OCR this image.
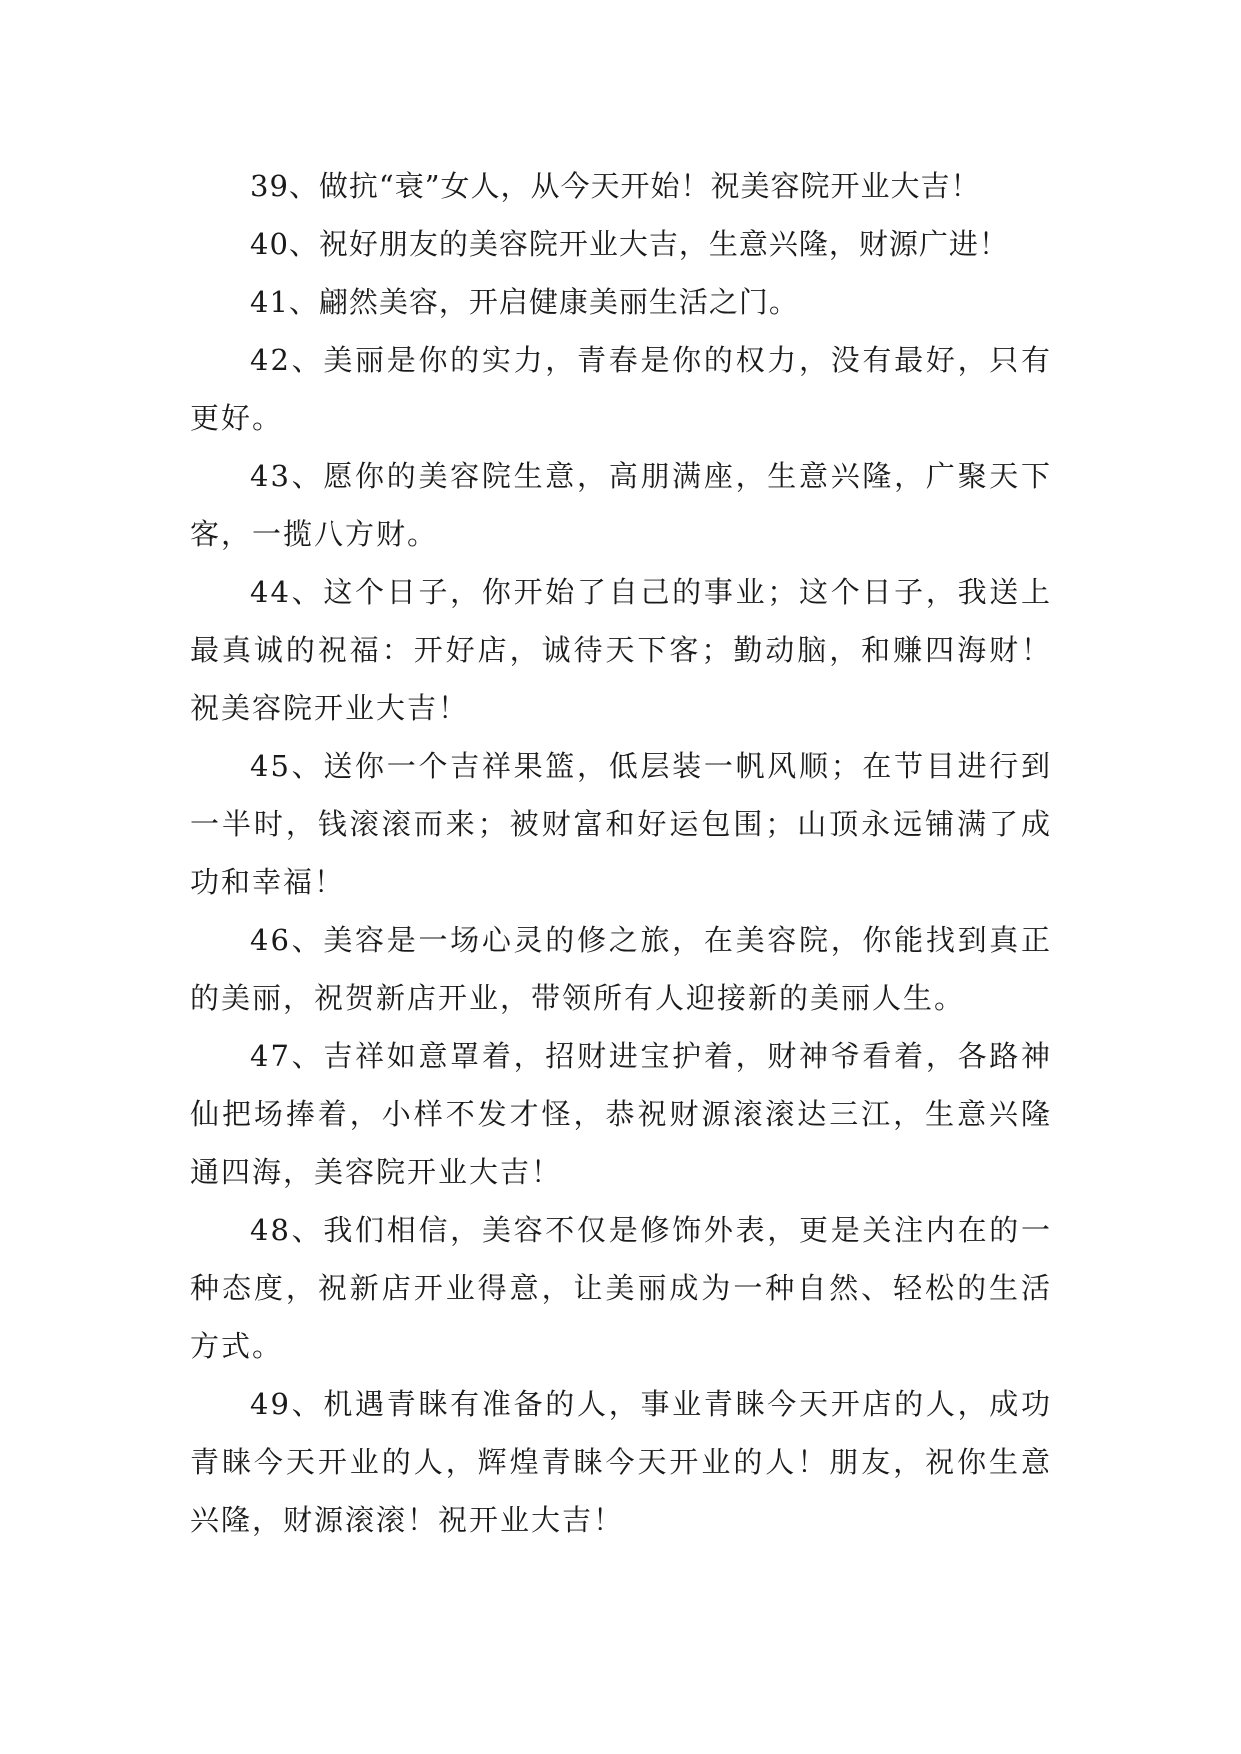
39、做抗“衰”女人，从今天开始！祝美容院开业大吉！

40、祝好朋友的美容院开业大吉，生意兴隆，财源广进！

41、翩然美容，开启健康美丽生活之门。

42、美丽是你的实力，青春是你的权力，没有最好，只有更好。

43、愿你的美容院生意，高朋满座，生意兴隆，广聚天下客，一揽八方财。

44、这个日子，你开始了自己的事业；这个日子，我送上最真诚的祝福：开好店，诚待天下客；勤动脑，和赚四海财！祝美容院开业大吉！

45、送你一个吉祥果篮，低层装一帆风顺；在节目进行到一半时，钱滚滚而来；被财富和好运包围；山顶永远铺满了成功和幸福！

46、美容是一场心灵的修之旅，在美容院，你能找到真正的美丽，祝贺新店开业，带领所有人迎接新的美丽人生。

47、吉祥如意罩着，招财进宝护着，财神爷看着，各路神仙把场捧着，小样不发才怪，恭祝财源滚滚达三江，生意兴隆通四海，美容院开业大吉！

48、我们相信，美容不仅是修饰外表，更是关注内在的一种态度，祝新店开业得意，让美丽成为一种自然、轻松的生活方式。

49、机遇青睐有准备的人，事业青睐今天开店的人，成功青睐今天开业的人，辉煌青睐今天开业的人！朋友，祝你生意兴隆，财源滚滚！祝开业大吉！
